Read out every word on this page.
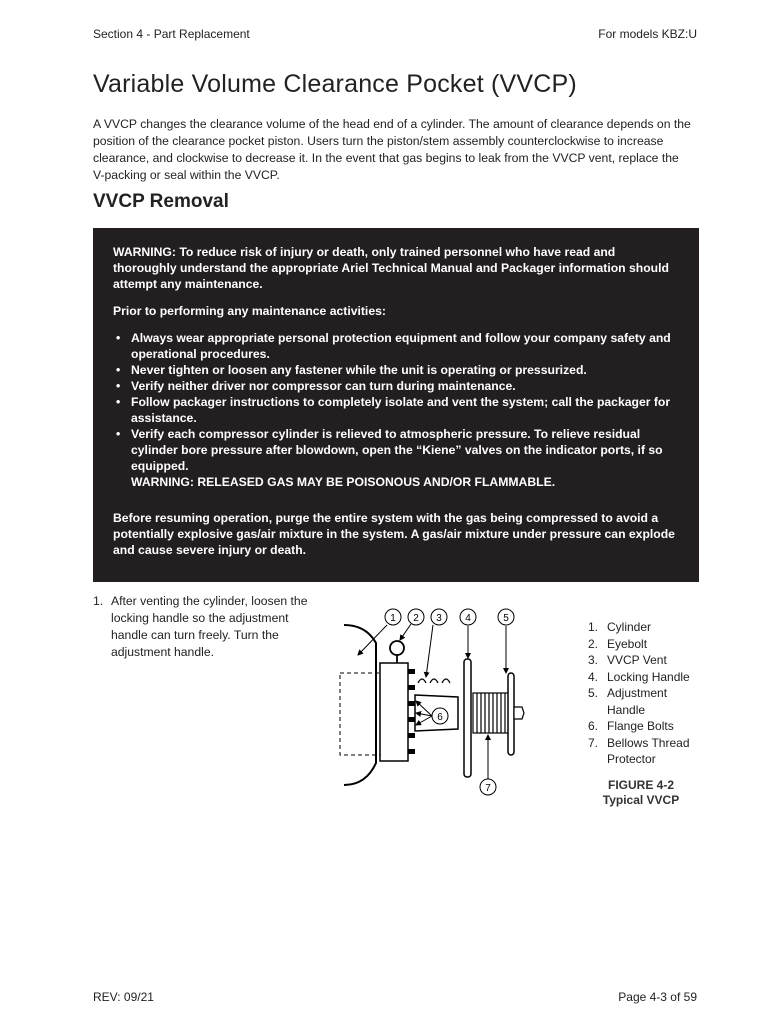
Section 4 - Part Replacement	For models KBZ:U
Variable Volume Clearance Pocket (VVCP)

A VVCP changes the clearance volume of the head end of a cylinder. The amount of clearance depends on the position of the clearance pocket piston. Users turn the piston/stem assembly counterclockwise to increase clearance, and clockwise to decrease it. In the event that gas begins to leak from the VVCP vent, replace the V-packing or seal within the VVCP.

VVCP Removal

WARNING: To reduce risk of injury or death, only trained personnel who have read and thoroughly understand the appropriate Ariel Technical Manual and Packager information should attempt any maintenance.

Prior to performing any maintenance activities:

• Always wear appropriate personal protection equipment and follow your company safety and operational procedures.
• Never tighten or loosen any fastener while the unit is operating or pressurized.
• Verify neither driver nor compressor can turn during maintenance.
• Follow packager instructions to completely isolate and vent the system; call the packager for assistance.
• Verify each compressor cylinder is relieved to atmospheric pressure. To relieve residual cylinder bore pressure after blowdown, open the “Kiene” valves on the indicator ports, if so equipped.
WARNING: RELEASED GAS MAY BE POISONOUS AND/OR FLAMMABLE.

Before resuming operation, purge the entire system with the gas being compressed to avoid a potentially explosive gas/air mixture in the system. A gas/air mixture under pressure can explode and cause severe injury or death.

1. After venting the cylinder, loosen the locking handle so the adjustment handle can turn freely. Turn the adjustment handle.
1 2 3 4	5
6
7
1. Cylinder
2. Eyebolt
3. VVCP Vent
4. Locking Handle
5. Adjustment Handle
6. Flange Bolts
7. Bellows Thread Protector
FIGURE 4-2
Typical VVCP
REV: 09/21	Page 4-3 of 59
